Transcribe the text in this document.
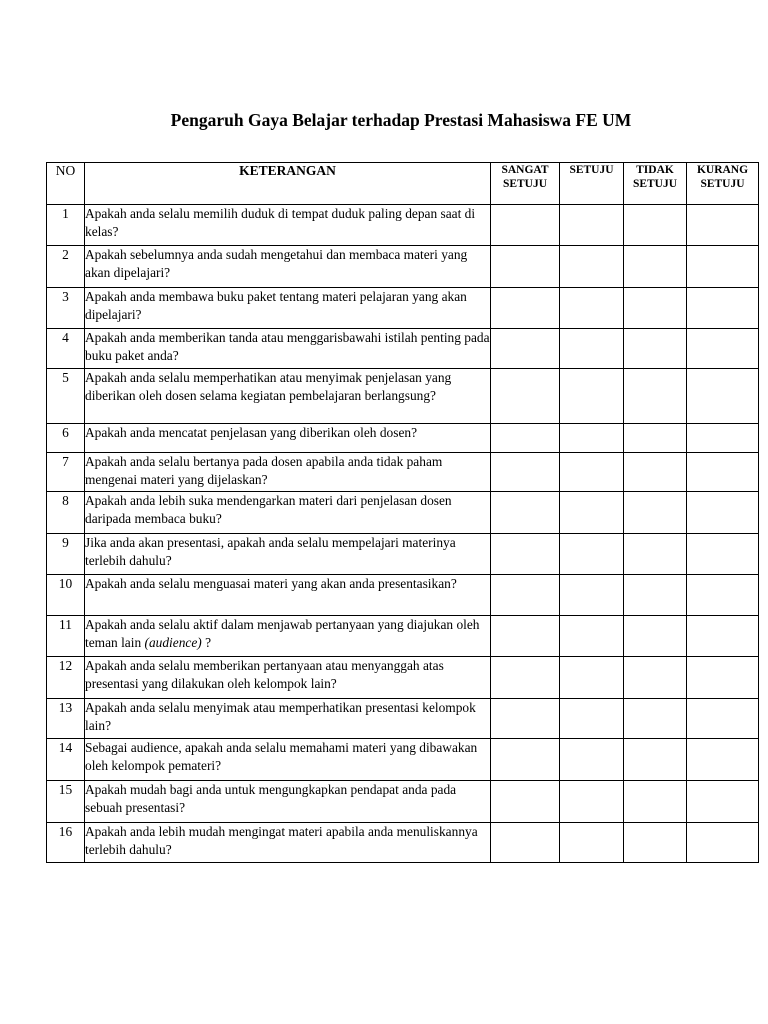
Pengaruh Gaya Belajar terhadap Prestasi Mahasiswa FE UM
NO	KETERANGAN	SANGAT SETUJU	SETUJU	TIDAK SETUJU	KURANG SETUJU
1	Apakah anda selalu memilih duduk di tempat duduk paling depan saat di kelas?				
2	Apakah sebelumnya anda sudah mengetahui dan membaca materi yang akan dipelajari?				
3	Apakah anda membawa buku paket tentang materi pelajaran yang akan dipelajari?				
4	Apakah anda memberikan tanda atau menggarisbawahi istilah penting pada buku paket anda?				
5	Apakah anda selalu memperhatikan atau menyimak penjelasan yang diberikan oleh dosen selama kegiatan pembelajaran berlangsung?				
6	Apakah anda mencatat penjelasan yang diberikan oleh dosen?				
7	Apakah anda selalu bertanya pada dosen apabila anda tidak paham mengenai materi yang dijelaskan?				
8	Apakah anda lebih suka mendengarkan materi dari penjelasan dosen daripada membaca buku?				
9	Jika anda akan presentasi, apakah anda selalu mempelajari materinya terlebih dahulu?				
10	Apakah anda selalu menguasai materi yang akan anda presentasikan?				
11	Apakah anda selalu aktif dalam menjawab pertanyaan yang diajukan oleh teman lain (audience) ?				
12	Apakah anda selalu memberikan pertanyaan atau menyanggah atas presentasi yang dilakukan oleh kelompok lain?				
13	Apakah anda selalu menyimak atau memperhatikan presentasi kelompok lain?				
14	Sebagai audience, apakah anda selalu memahami materi yang dibawakan oleh kelompok pemateri?				
15	Apakah mudah bagi anda untuk mengungkapkan pendapat anda pada sebuah presentasi?				
16	Apakah anda lebih mudah mengingat materi apabila anda menuliskannya terlebih dahulu?				
